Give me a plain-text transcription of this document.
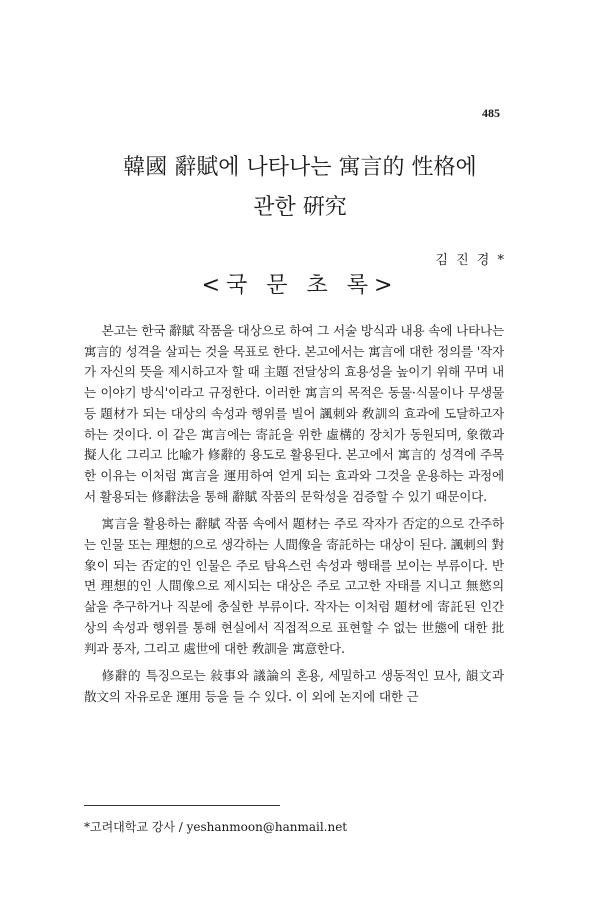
485
韓國 辭賦에 나타나는 寓言的 性格에
관한 硏究
김 진 경 *
<국 문 초 록>

본고는 한국 辭賦 작품을 대상으로 하여 그 서술 방식과 내용 속에 나타나는 寓言的 성격을 살피는 것을 목표로 한다. 본고에서는 寓言에 대한 정의를 '작자가 자신의 뜻을 제시하고자 할 때 主題 전달상의 효용성을 높이기 위해 꾸며 내는 이야기 방식'이라고 규정한다. 이러한 寓言의 목적은 동물·식물이나 무생물 등 題材가 되는 대상의 속성과 행위를 빌어 諷刺와 敎訓의 효과에 도달하고자 하는 것이다. 이 같은 寓言에는 寄託을 위한 虛構的 장치가 동원되며, 象徵과 擬人化 그리고 比喩가 修辭的 용도로 활용된다. 본고에서 寓言的 성격에 주목한 이유는 이처럼 寓言을 運用하여 얻게 되는 효과와 그것을 운용하는 과정에서 활용되는 修辭法을 통해 辭賦 작품의 문학성을 검증할 수 있기 때문이다.

寓言을 활용하는 辭賦 작품 속에서 題材는 주로 작자가 否定的으로 간주하는 인물 또는 理想的으로 생각하는 人間像을 寄託하는 대상이 된다. 諷刺의 對象이 되는 否定的인 인물은 주로 탐욕스런 속성과 행태를 보이는 부류이다. 반면 理想的인 人間像으로 제시되는 대상은 주로 고고한 자태를 지니고 無慾의 삶을 추구하거나 직분에 충실한 부류이다. 작자는 이처럼 題材에 寄託된 인간상의 속성과 행위를 통해 현실에서 직접적으로 표현할 수 없는 世態에 대한 批判과 풍자, 그리고 處世에 대한 敎訓을 寓意한다.

修辭的 특징으로는 敍事와 議論의 혼용, 세밀하고 생동적인 묘사, 韻文과 散文의 자유로운 運用 등을 들 수 있다. 이 외에 논지에 대한 근

*고려대학교 강사 / yeshanmoon@hanmail.net
